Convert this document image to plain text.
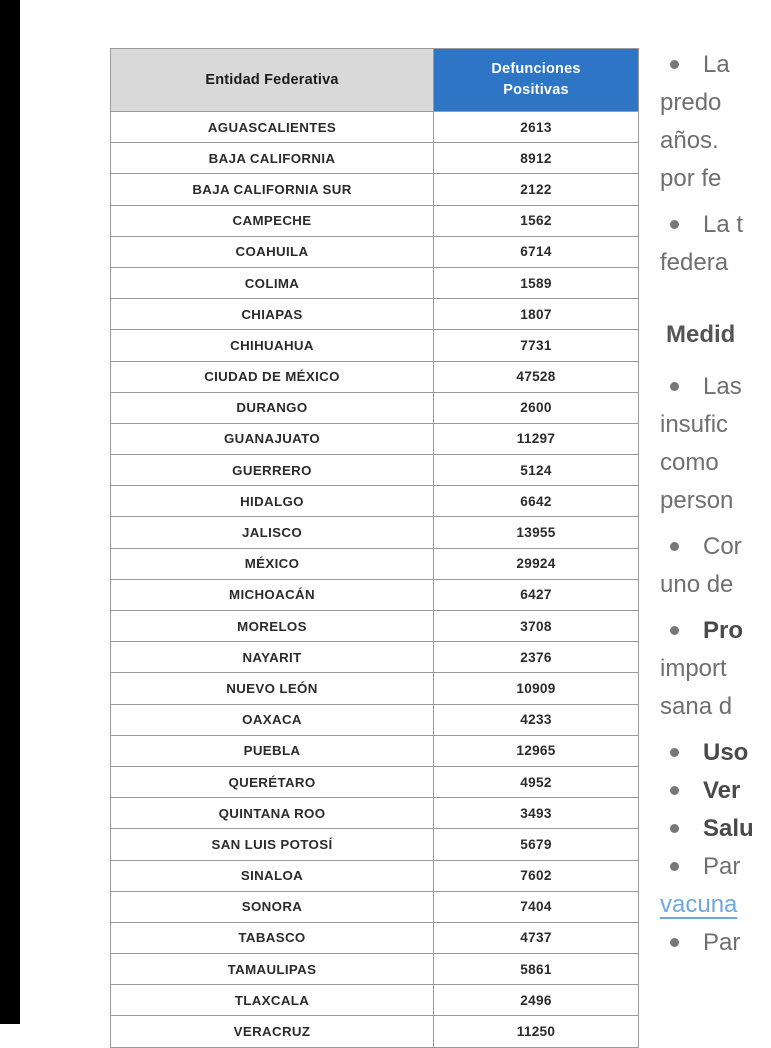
Entidad Federativa	Defunciones
Positivas

AGUASCALIENTES	2613
BAJA CALIFORNIA	8912
BAJA CALIFORNIA SUR	2122
CAMPECHE	1562
COAHUILA	6714
COLIMA	1589
CHIAPAS	1807
CHIHUAHUA	7731
CIUDAD DE MÉXICO	47528
DURANGO	2600
GUANAJUATO	11297
GUERRERO	5124
HIDALGO	6642
JALISCO	13955
MÉXICO	29924
MICHOACÁN	6427
MORELOS	3708
NAYARIT	2376
NUEVO LEÓN	10909
OAXACA	4233
PUEBLA	12965
QUERÉTARO	4952
QUINTANA ROO	3493
SAN LUIS POTOSÍ	5679
SINALOA	7602
SONORA	7404
TABASCO	4737
TAMAULIPAS	5861
TLAXCALA	2496
VERACRUZ	11250
La
predo
años.
por fe
La t
federa
Medid
Las
insufic
como
person
Cor
uno de
Pro
import
sana d
Uso
Ver
Salu
Par
vacuna
Par
